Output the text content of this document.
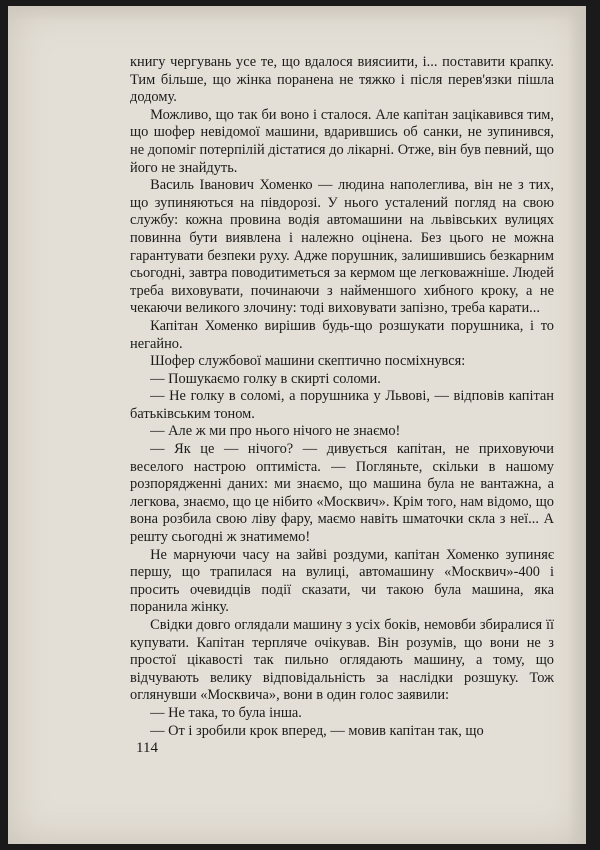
книгу чергувань усе те, що вдалося виясиити, і... поставити крапку. Тим більше, що жінка поранена не тяжко і після перев'язки пішла додому.

Можливо, що так би воно і сталося. Але капітан зацікавився тим, що шофер невідомої машини, вдарившись об санки, не зупинився, не допоміг потерпілій дістатися до лікарні. Отже, він був певний, що його не знайдуть.

Василь Іванович Хоменко — людина наполеглива, він не з тих, що зупиняються на півдорозі. У нього усталений погляд на свою службу: кожна провина водія автомашини на львівських вулицях повинна бути виявлена і належно оцінена. Без цього не можна гарантувати безпеки руху. Адже порушник, залишившись безкарним сьогодні, завтра поводитиметься за кермом ще легковажніше. Людей треба виховувати, починаючи з найменшого хибного кроку, а не чекаючи великого злочину: тоді виховувати запізно, треба карати...

Капітан Хоменко вирішив будь-що розшукати порушника, і то негайно.

Шофер службової машини скептично посміхнувся:

— Пошукаємо голку в скирті соломи.

— Не голку в соломі, а порушника у Львові, — відповів капітан батьківським тоном.

— Але ж ми про нього нічого не знаємо!

— Як це — нічого? — дивується капітан, не приховуючи веселого настрою оптиміста. — Погляньте, скільки в нашому розпорядженні даних: ми знаємо, що машина була не вантажна, а легкова, знаємо, що це нібито «Москвич». Крім того, нам відомо, що вона розбила свою ліву фару, маємо навіть шматочки скла з неї... А решту сьогодні ж знатимемо!

Не марнуючи часу на зайві роздуми, капітан Хоменко зупиняє першу, що трапилася на вулиці, автомашину «Москвич»-400 і просить очевидців події сказати, чи такою була машина, яка поранила жінку.

Свідки довго оглядали машину з усіх боків, немовби збиралися її купувати. Капітан терпляче очікував. Він розумів, що вони не з простої цікавості так пильно оглядають машину, а тому, що відчувають велику відповідальність за наслідки розшуку. Тож оглянувши «Москвича», вони в один голос заявили:

— Не така, то була інша.

— От і зробили крок вперед, — мовив капітан так, що

114
